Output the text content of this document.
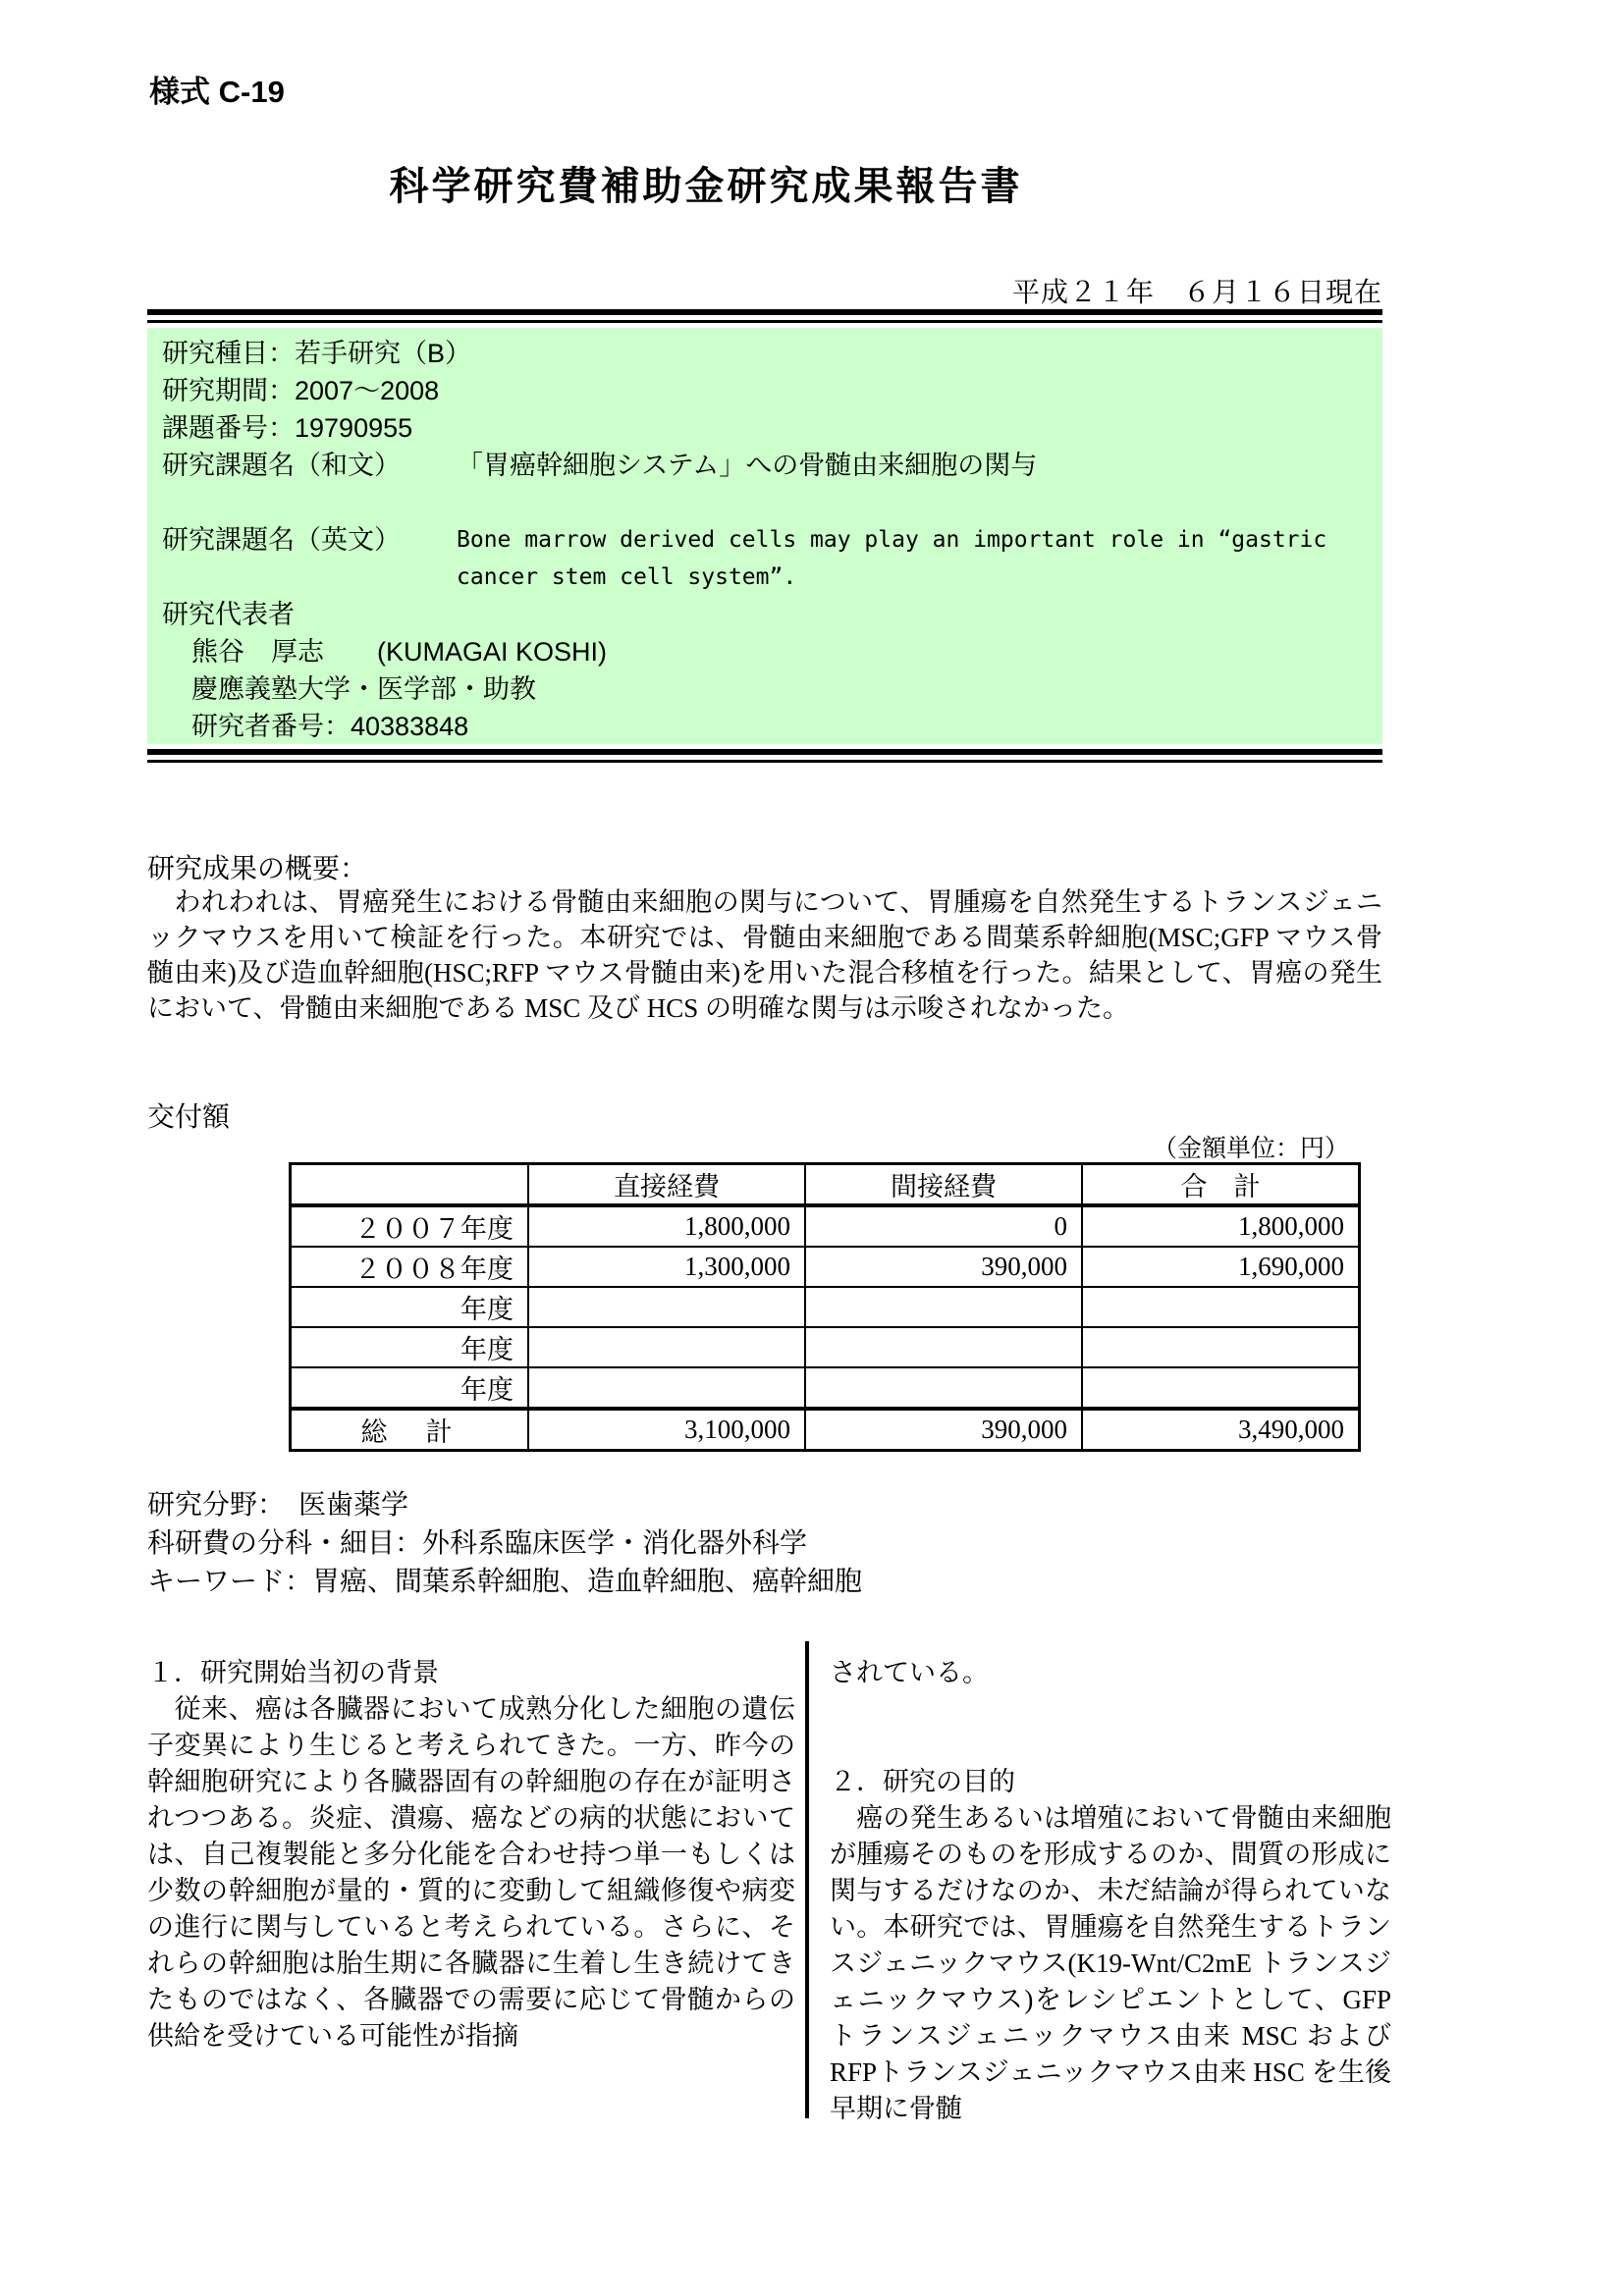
様式 C-19
科学研究費補助金研究成果報告書
平成２１年　６月１６日現在
研究種目：若手研究（B）
研究期間：2007～2008
課題番号：19790955
研究課題名（和文）	「胃癌幹細胞システム」への骨髄由来細胞の関与
研究課題名（英文）	Bone marrow derived cells may play an important role in “gastric cancer stem cell system”.
研究代表者
熊谷　厚志　　(KUMAGAI KOSHI)
慶應義塾大学・医学部・助教
研究者番号：40383848
研究成果の概要：
　われわれは、胃癌発生における骨髄由来細胞の関与について、胃腫瘍を自然発生するトランスジェニックマウスを用いて検証を行った。本研究では、骨髄由来細胞である間葉系幹細胞(MSC;GFP マウス骨髄由来)及び造血幹細胞(HSC;RFP マウス骨髄由来)を用いた混合移植を行った。結果として、胃癌の発生において、骨髄由来細胞である MSC 及び HCS の明確な関与は示唆されなかった。
交付額
（金額単位：円）
	直接経費	間接経費	合　計
２００７年度	1,800,000	0	1,800,000
２００８年度	1,300,000	390,000	1,690,000
年度			
年度			
年度			
総　計	3,100,000	390,000	3,490,000
研究分野：　医歯薬学
科研費の分科・細目：外科系臨床医学・消化器外科学
キーワード：胃癌、間葉系幹細胞、造血幹細胞、癌幹細胞
１．研究開始当初の背景
　従来、癌は各臓器において成熟分化した細胞の遺伝子変異により生じると考えられてきた。一方、昨今の幹細胞研究により各臓器固有の幹細胞の存在が証明されつつある。炎症、潰瘍、癌などの病的状態においては、自己複製能と多分化能を合わせ持つ単一もしくは少数の幹細胞が量的・質的に変動して組織修復や病変の進行に関与していると考えられている。さらに、それらの幹細胞は胎生期に各臓器に生着し生き続けてきたものではなく、各臓器での需要に応じて骨髄からの供給を受けている可能性が指摘
されている。
２．研究の目的
　癌の発生あるいは増殖において骨髄由来細胞が腫瘍そのものを形成するのか、間質の形成に関与するだけなのか、未だ結論が得られていない。本研究では、胃腫瘍を自然発生するトランスジェニックマウス(K19-Wnt/C2mE トランスジェニックマウス)をレシピエントとして、GFP トランスジェニックマウス由来 MSC および RFPトランスジェニックマウス由来 HSC を生後早期に骨髄
